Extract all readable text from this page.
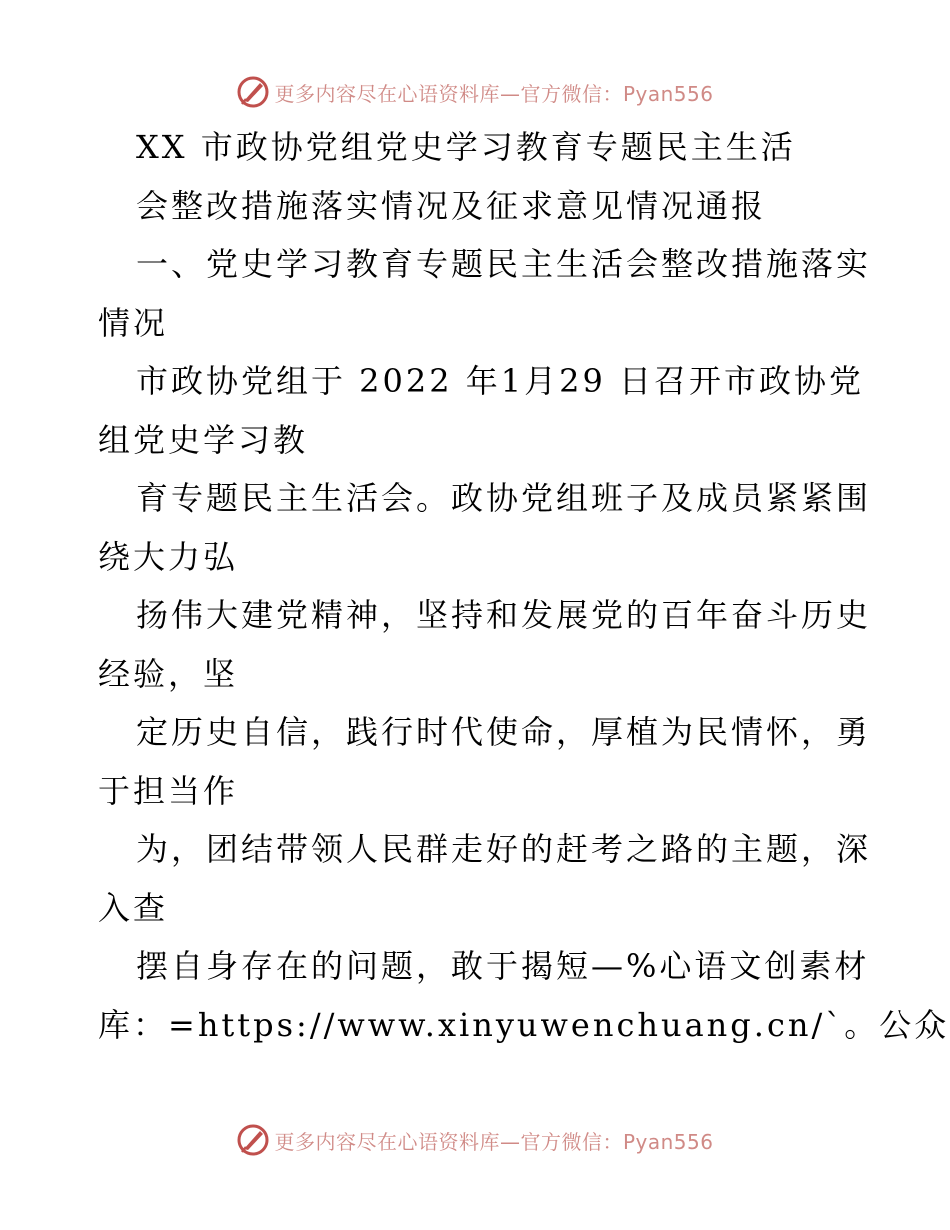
更多内容尽在心语资料库—官方微信：Pyan556
XX 市政协党组党史学习教育专题民主生活
会整改措施落实情况及征求意见情况通报
一、党史学习教育专题民主生活会整改措施落实
情况
市政协党组于 2022 年1月29 日召开市政协党
组党史学习教
育专题民主生活会。政协党组班子及成员紧紧围
绕大力弘
扬伟大建党精神，坚持和发展党的百年奋斗历史
经验，坚
定历史自信，践行时代使命，厚植为民情怀，勇
于担当作
为，团结带领人民群走好的赶考之路的主题，深
入查
摆自身存在的问题，敢于揭短—%心语文创素材
库：=https://www.xinyuwenchuang.cn/`。公众
更多内容尽在心语资料库—官方微信：Pyan556
